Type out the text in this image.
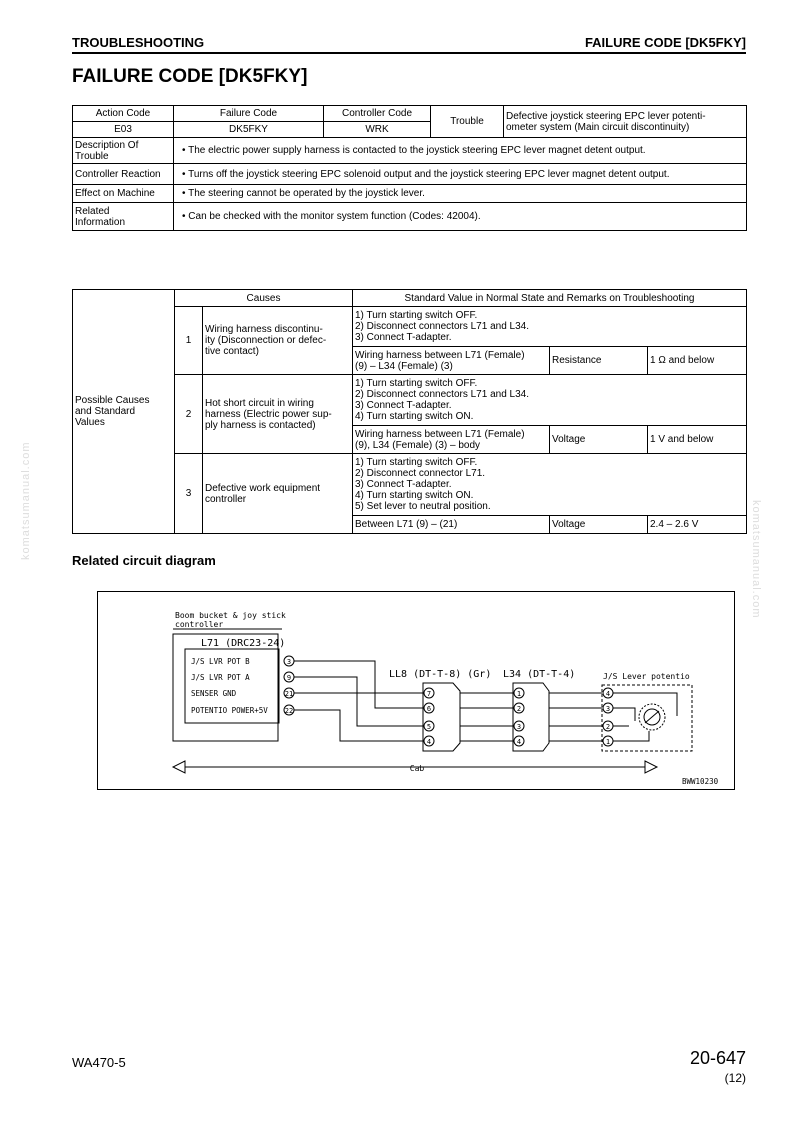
TROUBLESHOOTING	FAILURE CODE [DK5FKY]
FAILURE CODE [DK5FKY]
Action Code	Failure Code	Controller Code	Trouble	Defective joystick steering EPC lever potenti-
ometer system (Main circuit discontinuity)
E03	DK5FKY	WRK		
Description Of
Trouble	• The electric power supply harness is contacted to the joystick steering EPC lever magnet detent output.			
Controller Reaction	• Turns off the joystick steering EPC solenoid output and the joystick steering EPC lever magnet detent output.			
Effect on Machine	• The steering cannot be operated by the joystick lever.			
Related
Information	• Can be checked with the monitor system function (Codes: 42004).			
Possible Causes
and Standard
Values	Causes		Standard Value in Normal State and Remarks on Troubleshooting		
	1	Wiring harness discontinu-
ity (Disconnection or defec-
tive contact)	1) Turn starting switch OFF.
2) Disconnect connectors L71 and L34.
3) Connect T-adapter.		
			Wiring harness between L71 (Female)
(9) – L34 (Female) (3)	Resistance	1 Ω and below
	2	Hot short circuit in wiring
harness (Electric power sup-
ply harness is contacted)	1) Turn starting switch OFF.
2) Disconnect connectors L71 and L34.
3) Connect T-adapter.
4) Turn starting switch ON.		
			Wiring harness between L71 (Female)
(9), L34 (Female) (3) – body	Voltage	1 V and below
	3	Defective work equipment
controller	1) Turn starting switch OFF.
2) Disconnect connector L71.
3) Connect T-adapter.
4) Turn starting switch ON.
5) Set lever to neutral position.		
			Between L71 (9) – (21)	Voltage	2.4 – 2.6 V
komatsumanual.com	komatsumanual.com
Related circuit diagram
Boom bucket & joy stick
controller
L71 (DRC23-24)
J/S LVR POT B
J/S LVR POT A
SENSER GND
POTENTIO POWER+5V
3
9
21
22
LL8 (DT-T-8) (Gr)
7
6
5
4
L34 (DT-T-4)
1
2
3
4
J/S Lever potentio
4
3
2
1
Cab
BWW10230
WA470-5	20-647
(12)
